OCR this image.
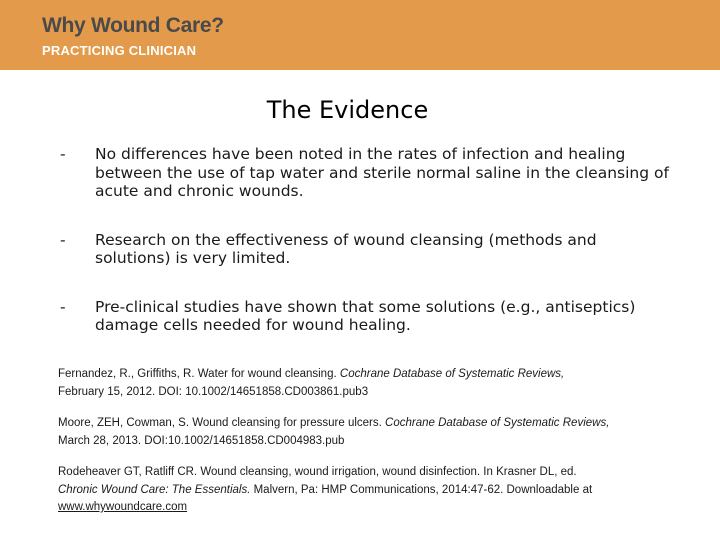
Why Wound Care?
PRACTICING CLINICIAN
The Evidence
- No differences have been noted in the rates of infection and healing between the use of tap water and sterile normal saline in the cleansing of acute and chronic wounds.
- Research on the effectiveness of wound cleansing (methods and solutions) is very limited.
- Pre-clinical studies have shown that some solutions (e.g., antiseptics) damage cells needed for wound healing.
Fernandez, R., Griffiths, R. Water for wound cleansing. Cochrane Database of Systematic Reviews,
February 15, 2012. DOI: 10.1002/14651858.CD003861.pub3
Moore, ZEH, Cowman, S. Wound cleansing for pressure ulcers. Cochrane Database of Systematic Reviews,
March 28, 2013. DOI:10.1002/14651858.CD004983.pub
Rodeheaver GT, Ratliff CR. Wound cleansing, wound irrigation, wound disinfection. In Krasner DL, ed.
Chronic Wound Care: The Essentials. Malvern, Pa: HMP Communications, 2014:47-62. Downloadable at
www.whywoundcare.com
